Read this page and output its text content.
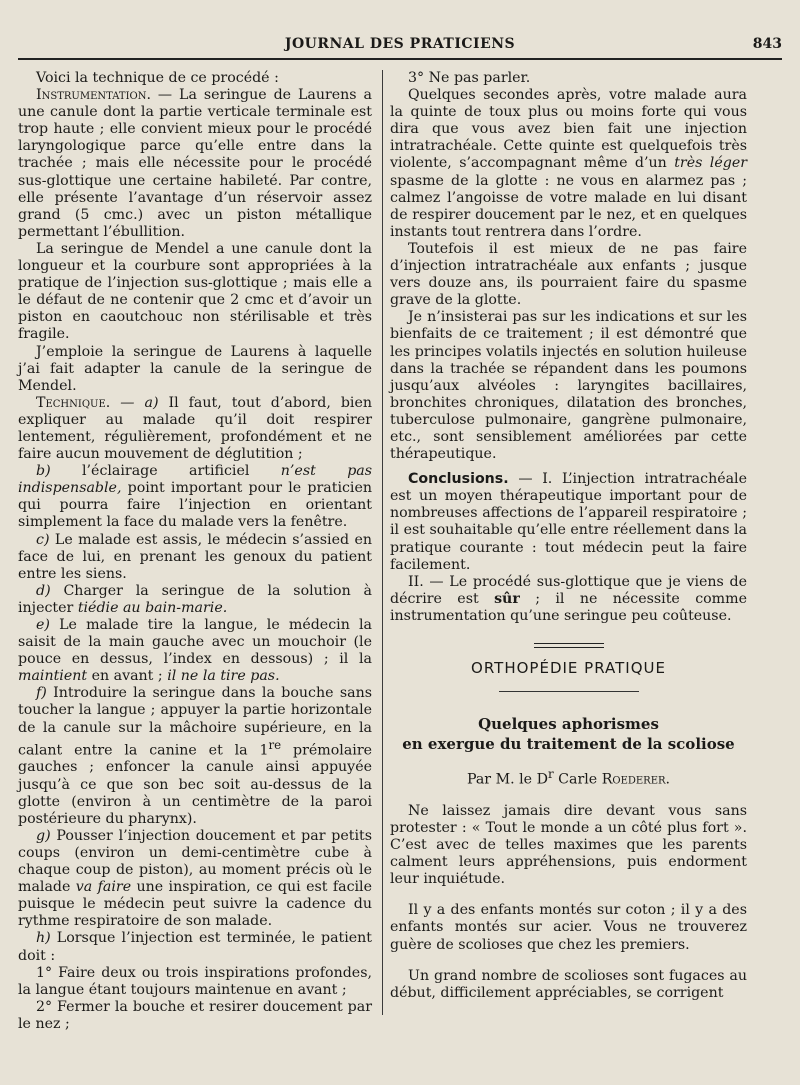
JOURNAL DES PRATICIENS	843

Voici la technique de ce procédé :

Instrumentation. — La seringue de Laurens a une canule dont la partie verticale terminale est trop haute ; elle convient mieux pour le procédé laryngologique parce qu’elle entre dans la trachée ; mais elle nécessite pour le procédé sus-glottique une certaine habileté. Par contre, elle présente l’avantage d’un réservoir assez grand (5 cmc.) avec un piston métallique permettant l’ébullition.

La seringue de Mendel a une canule dont la longueur et la courbure sont appropriées à la pratique de l’injection sus-glottique ; mais elle a le défaut de ne contenir que 2 cmc et d’avoir un piston en caoutchouc non stérilisable et très fragile.

J’emploie la seringue de Laurens à laquelle j’ai fait adapter la canule de la seringue de Mendel.

Technique. — a) Il faut, tout d’abord, bien expliquer au malade qu’il doit respirer lentement, régulièrement, profondément et ne faire aucun mouvement de déglutition ;

b) l’éclairage artificiel n’est pas indispensable, point important pour le praticien qui pourra faire l’injection en orientant simplement la face du malade vers la fenêtre.

c) Le malade est assis, le médecin s’assied en face de lui, en prenant les genoux du patient entre les siens.

d) Charger la seringue de la solution à injecter tiédie au bain-marie.

e) Le malade tire la langue, le médecin la saisit de la main gauche avec un mouchoir (le pouce en dessus, l’index en dessous) ; il la maintient en avant ; il ne la tire pas.

f) Introduire la seringue dans la bouche sans toucher la langue ; appuyer la partie horizontale de la canule sur la mâchoire supérieure, en la calant entre la canine et la 1re prémolaire gauches ; enfoncer la canule ainsi appuyée jusqu’à ce que son bec soit au-dessus de la glotte (environ à un centimètre de la paroi postérieure du pharynx).

g) Pousser l’injection doucement et par petits coups (environ un demi-centimètre cube à chaque coup de piston), au moment précis où le malade va faire une inspiration, ce qui est facile puisque le médecin peut suivre la cadence du rythme respiratoire de son malade.

h) Lorsque l’injection est terminée, le patient doit :

1° Faire deux ou trois inspirations profondes, la langue étant toujours maintenue en avant ;

2° Fermer la bouche et resirer doucement par le nez ;

3° Ne pas parler.

Quelques secondes après, votre malade aura la quinte de toux plus ou moins forte qui vous dira que vous avez bien fait une injection intratrachéale. Cette quinte est quelquefois très violente, s’accompagnant même d’un très léger spasme de la glotte : ne vous en alarmez pas ; calmez l’angoisse de votre malade en lui disant de respirer doucement par le nez, et en quelques instants tout rentrera dans l’ordre.

Toutefois il est mieux de ne pas faire d’injection intratrachéale aux enfants ; jusque vers douze ans, ils pourraient faire du spasme grave de la glotte.

Je n’insisterai pas sur les indications et sur les bienfaits de ce traitement ; il est démontré que les principes volatils injectés en solution huileuse dans la trachée se répandent dans les poumons jusqu’aux alvéoles : laryngites bacillaires, bronchites chroniques, dilatation des bronches, tuberculose pulmonaire, gangrène pulmonaire, etc., sont sensiblement améliorées par cette thérapeutique.

Conclusions. — I. L’injection intratrachéale est un moyen thérapeutique important pour de nombreuses affections de l’appareil respiratoire ; il est souhaitable qu’elle entre réellement dans la pratique courante : tout médecin peut la faire facilement.

II. — Le procédé sus-glottique que je viens de décrire est sûr ; il ne nécessite comme instrumentation qu’une seringue peu coûteuse.

ORTHOPÉDIE PRATIQUE
Quelques aphorismes
en exergue du traitement de la scoliose
Par M. le $D^r$ Carle Roederer.

Ne laissez jamais dire devant vous sans protester : « Tout le monde a un côté plus fort ». C’est avec de telles maximes que les parents calment leurs appréhensions, puis endorment leur inquiétude.

Il y a des enfants montés sur coton ; il y a des enfants montés sur acier. Vous ne trouverez guère de scolioses que chez les premiers.

Un grand nombre de scolioses sont fugaces au début, difficilement appréciables, se corrigent
